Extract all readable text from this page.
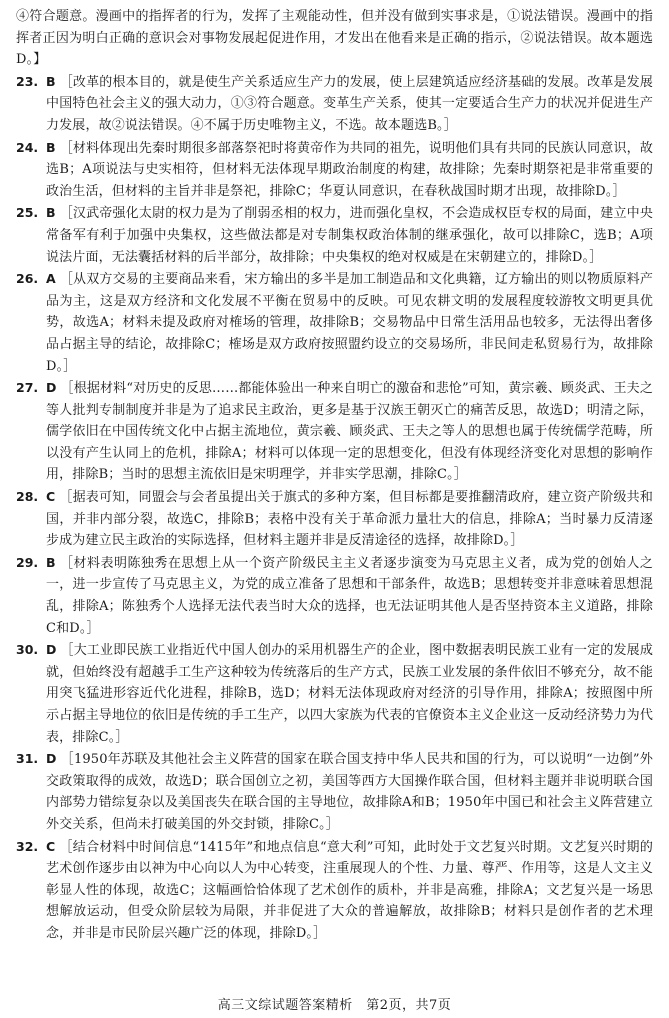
④符合题意。漫画中的指挥者的行为，发挥了主观能动性，但并没有做到实事求是，①说法错误。漫画中的指挥者正因为明白正确的意识会对事物发展起促进作用，才发出在他看来是正确的指示，②说法错误。故本题选D。】

23. B ［改革的根本目的，就是使生产关系适应生产力的发展，使上层建筑适应经济基础的发展。改革是发展中国特色社会主义的强大动力，①③符合题意。变革生产关系，使其一定要适合生产力的状况并促进生产力发展，故②说法错误。④不属于历史唯物主义，不选。故本题选B。］

24. B ［材料体现出先秦时期很多部落祭祀时将黄帝作为共同的祖先，说明他们具有共同的民族认同意识，故选B；A项说法与史实相符，但材料无法体现早期政治制度的构建，故排除；先秦时期祭祀是非常重要的政治生活，但材料的主旨并非是祭祀，排除C；华夏认同意识，在春秋战国时期才出现，故排除D。］

25. B ［汉武帝强化太尉的权力是为了削弱丞相的权力，进而强化皇权，不会造成权臣专权的局面，建立中央常备军有利于加强中央集权，这些做法都是对专制集权政治体制的继承强化，故可以排除C，选B；A项说法片面，无法囊括材料的后半部分，故排除；中央集权的绝对权威是在宋朝建立的，排除D。］

26. A ［从双方交易的主要商品来看，宋方输出的多半是加工制造品和文化典籍，辽方输出的则以物质原料产品为主，这是双方经济和文化发展不平衡在贸易中的反映。可见农耕文明的发展程度较游牧文明更具优势，故选A；材料未提及政府对榷场的管理，故排除B；交易物品中日常生活用品也较多，无法得出奢侈品占据主导的结论，故排除C；榷场是双方政府按照盟约设立的交易场所，非民间走私贸易行为，故排除D。］

27. D ［根据材料“对历史的反思……都能体验出一种来自明亡的激奋和悲怆”可知，黄宗羲、顾炎武、王夫之等人批判专制制度并非是为了追求民主政治，更多是基于汉族王朝灭亡的痛苦反思，故选D；明清之际，儒学依旧在中国传统文化中占据主流地位，黄宗羲、顾炎武、王夫之等人的思想也属于传统儒学范畴，所以没有产生认同上的危机，排除A；材料可以体现一定的思想变化，但没有体现经济变化对思想的影响作用，排除B；当时的思想主流依旧是宋明理学，并非实学思潮，排除C。］

28. C ［据表可知，同盟会与会者虽提出关于旗式的多种方案，但目标都是要推翻清政府，建立资产阶级共和国，并非内部分裂，故选C，排除B；表格中没有关于革命派力量壮大的信息，排除A；当时暴力反清逐步成为建立民主政治的实际选择，但材料主题并非是反清途径的选择，故排除D。］

29. B ［材料表明陈独秀在思想上从一个资产阶级民主主义者逐步演变为马克思主义者，成为党的创始人之一，进一步宣传了马克思主义，为党的成立准备了思想和干部条件，故选B；思想转变并非意味着思想混乱，排除A；陈独秀个人选择无法代表当时大众的选择，也无法证明其他人是否坚持资本主义道路，排除C和D。］

30. D ［大工业即民族工业指近代中国人创办的采用机器生产的企业，图中数据表明民族工业有一定的发展成就，但始终没有超越手工生产这种较为传统落后的生产方式，民族工业发展的条件依旧不够充分，故不能用突飞猛进形容近代化进程，排除B，选D；材料无法体现政府对经济的引导作用，排除A；按照图中所示占据主导地位的依旧是传统的手工生产，以四大家族为代表的官僚资本主义企业这一反动经济势力为代表，排除C。］

31. D ［1950年苏联及其他社会主义阵营的国家在联合国支持中华人民共和国的行为，可以说明“一边倒”外交政策取得的成效，故选D；联合国创立之初，美国等西方大国操作联合国，但材料主题并非说明联合国内部势力错综复杂以及美国丧失在联合国的主导地位，故排除A和B；1950年中国已和社会主义阵营建立外交关系，但尚未打破美国的外交封锁，排除C。］

32. C ［结合材料中时间信息“1415年”和地点信息“意大利”可知，此时处于文艺复兴时期。文艺复兴时期的艺术创作逐步由以神为中心向以人为中心转变，注重展现人的个性、力量、尊严、作用等，这是人文主义彰显人性的体现，故选C；这幅画恰恰体现了艺术创作的质朴，并非是高雅，排除A；文艺复兴是一场思想解放运动，但受众阶层较为局限，并非促进了大众的普遍解放，故排除B；材料只是创作者的艺术理念，并非是市民阶层兴趣广泛的体现，排除D。］

高三文综试题答案精析　第2页，共7页
